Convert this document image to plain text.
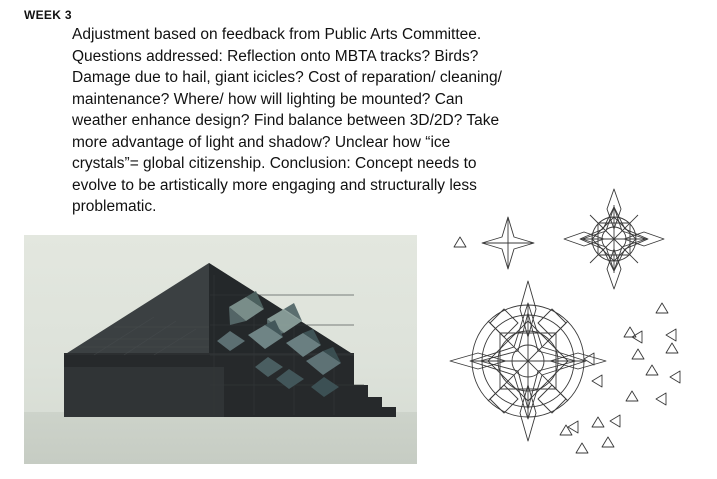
WEEK 3
Adjustment based on feedback from Public Arts Committee. Questions addressed: Reflection onto MBTA tracks? Birds? Damage due to hail, giant icicles? Cost of reparation/ cleaning/ maintenance? Where/ how will lighting be mounted? Can weather enhance design? Find balance between 3D/2D? Take more advantage of light and shadow? Unclear how “ice crystals”= global citizenship. Conclusion: Concept needs to evolve to be artistically more engaging and structurally less problematic.
